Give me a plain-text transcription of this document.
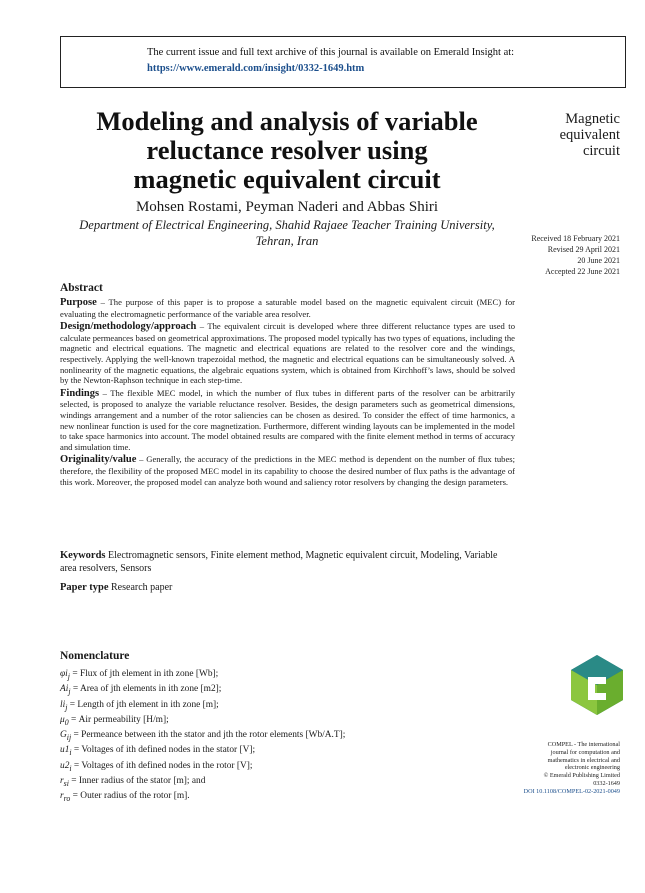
The current issue and full text archive of this journal is available on Emerald Insight at:
https://www.emerald.com/insight/0332-1649.htm
Magnetic
equivalent
circuit
Modeling and analysis of variable
reluctance resolver using
magnetic equivalent circuit
Mohsen Rostami, Peyman Naderi and Abbas Shiri
Department of Electrical Engineering, Shahid Rajaee Teacher Training University,
Tehran, Iran	Received 18 February 2021
Revised 29 April 2021
20 June 2021
Accepted 22 June 2021
Abstract

Purpose – The purpose of this paper is to propose a saturable model based on the magnetic equivalent circuit (MEC) for evaluating the electromagnetic performance of the variable area resolver.

Design/methodology/approach – The equivalent circuit is developed where three different reluctance types are used to calculate permeances based on geometrical approximations. The proposed model typically has two types of equations, including the magnetic and electrical equations. The magnetic and electrical equations are related to the resolver core and the windings, respectively. Applying the well-known trapezoidal method, the magnetic and electrical equations can be simultaneously solved. A nonlinearity of the magnetic equations, the algebraic equations system, which is obtained from Kirchhoff’s laws, should be solved by the Newton-Raphson technique in each step-time.

Findings – The flexible MEC model, in which the number of flux tubes in different parts of the resolver can be arbitrarily selected, is proposed to analyze the variable reluctance resolver. Besides, the design parameters such as geometrical dimensions, windings arrangement and a number of the rotor saliencies can be chosen as desired. To consider the effect of time harmonics, a new nonlinear function is used for the core magnetization. Furthermore, different winding layouts can be implemented in the model to take space harmonics into account. The model obtained results are compared with the finite element method in terms of accuracy and simulation time.

Originality/value – Generally, the accuracy of the predictions in the MEC method is dependent on the number of flux tubes; therefore, the flexibility of the proposed MEC model in its capability to choose the desired number of flux paths is the advantage of this work. Moreover, the proposed model can analyze both wound and saliency rotor resolvers by changing the design parameters.

Keywords Electromagnetic sensors, Finite element method, Magnetic equivalent circuit, Modeling, Variable area resolvers, Sensors
Paper type Research paper
Nomenclature
$\varphi i_j$ = Flux of jth element in ith zone [Wb];
$Ai_j$ = Area of jth elements in ith zone [m2];
$li_j$ = Length of jth element in ith zone [m];
$\mu_0$ = Air permeability [H/m];
$G_{ij}$ = Permeance between ith the stator and jth the rotor elements [Wb/A.T];
$u1_i$ = Voltages of ith defined nodes in the stator [V];
$u2_i$ = Voltages of ith defined nodes in the rotor [V];
$r_{si}$ = Inner radius of the stator [m]; and
$r_{ro}$ = Outer radius of the rotor [m].
COMPEL - The international
journal for computation and
mathematics in electrical and
electronic engineering
© Emerald Publishing Limited
0332-1649
DOI 10.1108/COMPEL-02-2021-0049
